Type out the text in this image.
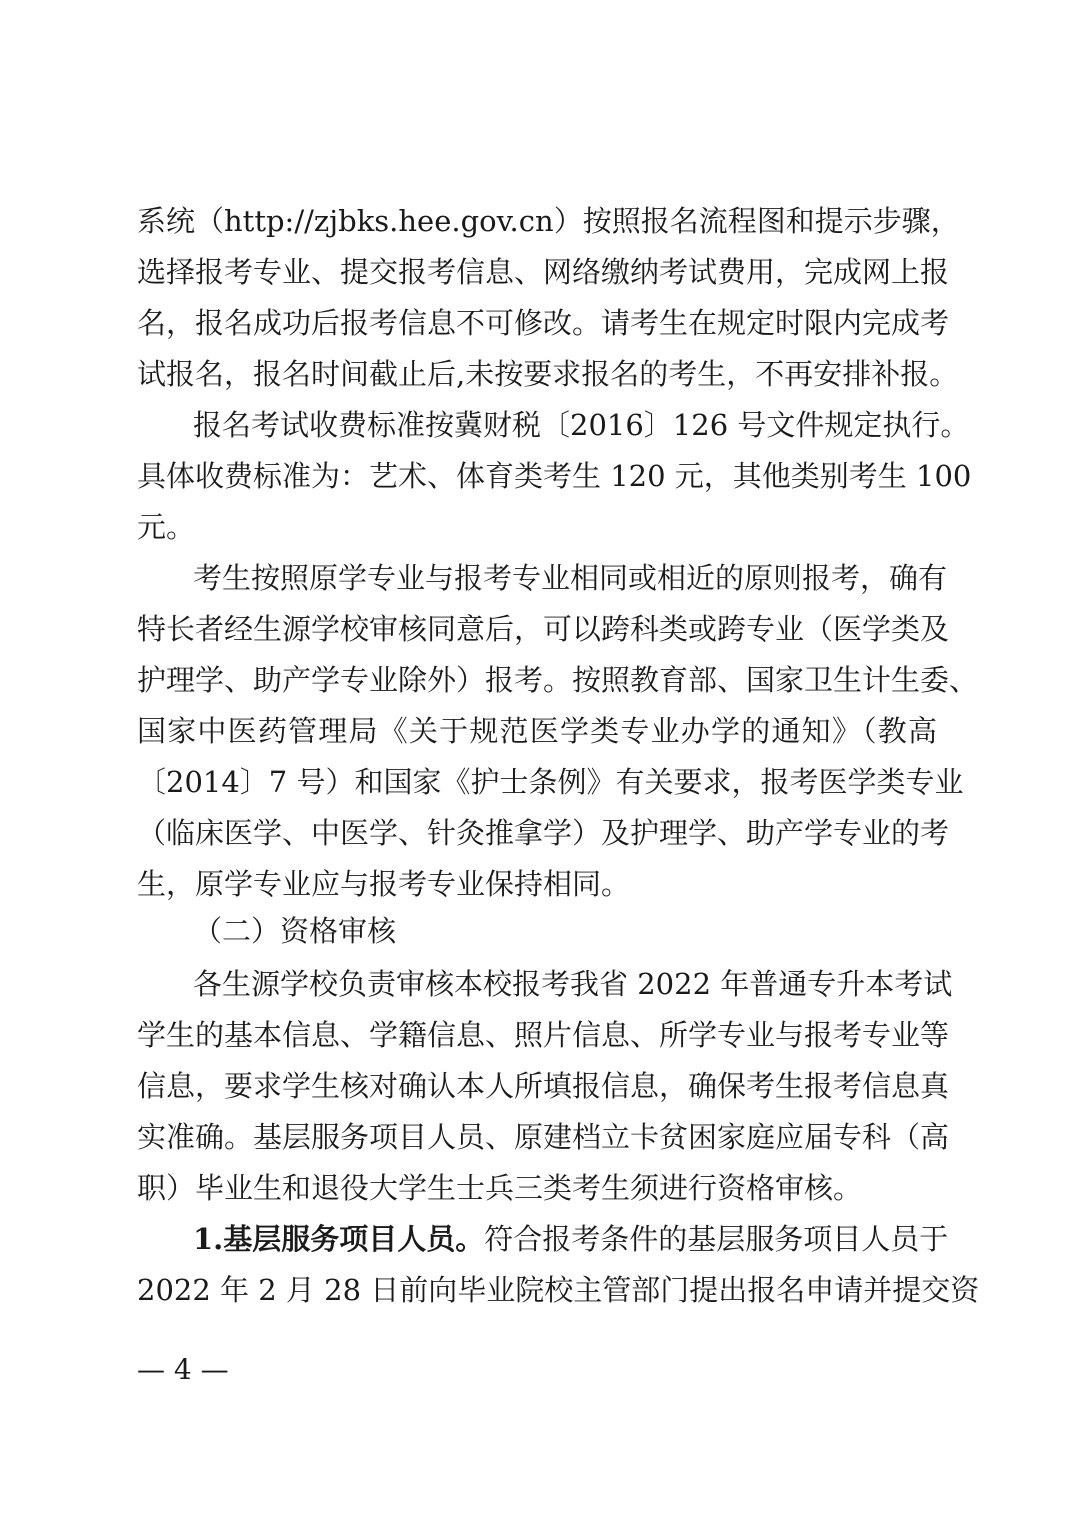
系统（http://zjbks.hee.gov.cn）按照报名流程图和提示步骤，
选择报考专业、提交报考信息、网络缴纳考试费用，完成网上报
名，报名成功后报考信息不可修改。请考生在规定时限内完成考
试报名，报名时间截止后,未按要求报名的考生，不再安排补报。
报名考试收费标准按冀财税〔2016〕126 号文件规定执行。
具体收费标准为：艺术、体育类考生 120 元，其他类别考生 100
元。
考生按照原学专业与报考专业相同或相近的原则报考，确有
特长者经生源学校审核同意后，可以跨科类或跨专业（医学类及
护理学、助产学专业除外）报考。按照教育部、国家卫生计生委、
国家中医药管理局《关于规范医学类专业办学的通知》（教高
〔2014〕7 号）和国家《护士条例》有关要求，报考医学类专业
（临床医学、中医学、针灸推拿学）及护理学、助产学专业的考
生，原学专业应与报考专业保持相同。
（二）资格审核
各生源学校负责审核本校报考我省 2022 年普通专升本考试
学生的基本信息、学籍信息、照片信息、所学专业与报考专业等
信息，要求学生核对确认本人所填报信息，确保考生报考信息真
实准确。基层服务项目人员、原建档立卡贫困家庭应届专科（高
职）毕业生和退役大学生士兵三类考生须进行资格审核。
1.基层服务项目人员。符合报考条件的基层服务项目人员于
2022 年 2 月 28 日前向毕业院校主管部门提出报名申请并提交资
— 4 —
